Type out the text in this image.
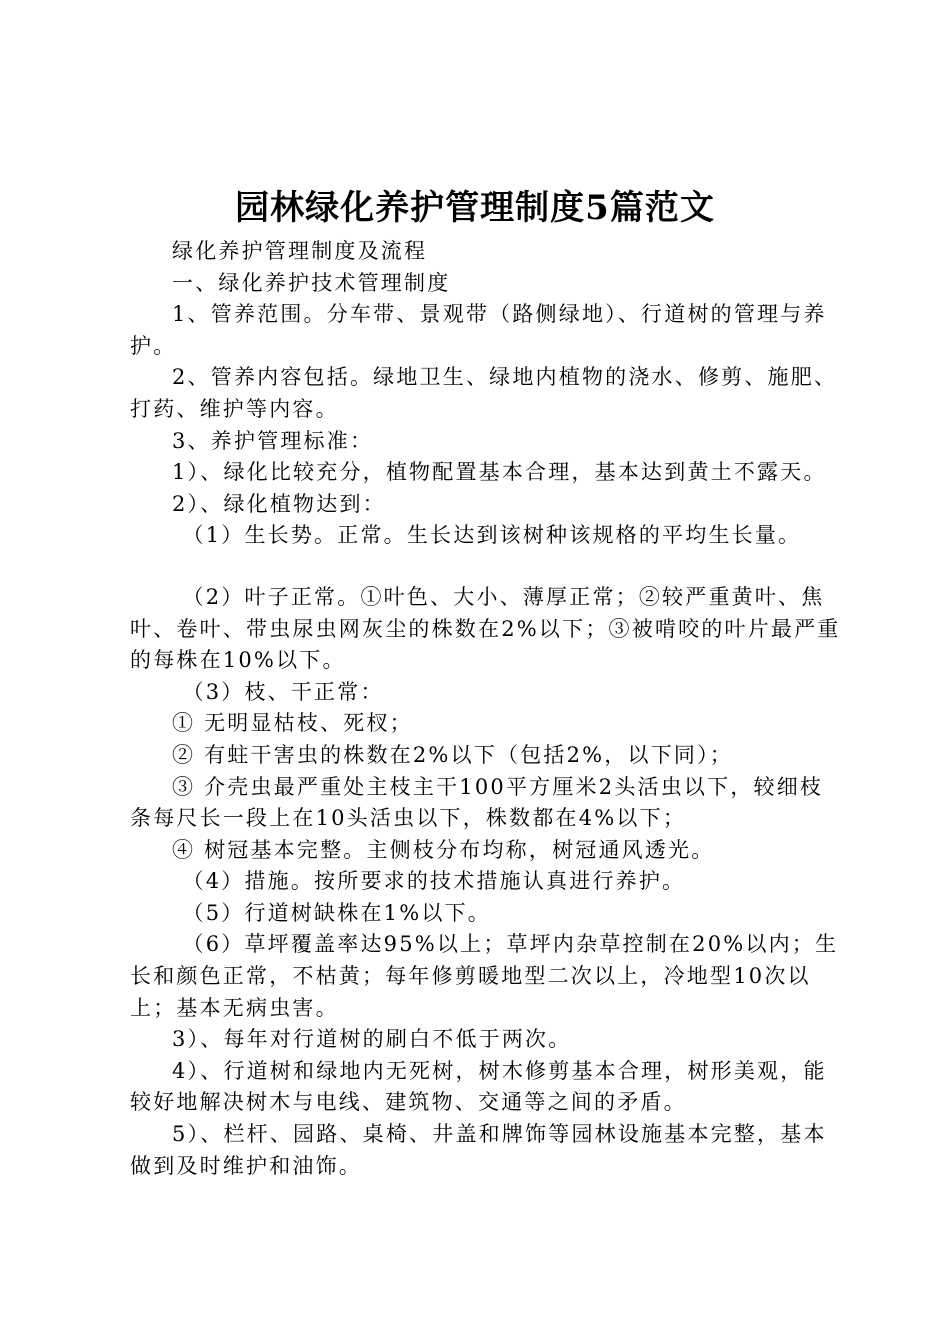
园林绿化养护管理制度5篇范文

绿化养护管理制度及流程

一、绿化养护技术管理制度

1、管养范围。分车带、景观带（路侧绿地）、行道树的管理与养护。

2、管养内容包括。绿地卫生、绿地内植物的浇水、修剪、施肥、打药、维护等内容。

3、养护管理标准：

1）、绿化比较充分，植物配置基本合理，基本达到黄土不露天。

2）、绿化植物达到：

（1）生长势。正常。生长达到该树种该规格的平均生长量。

（2）叶子正常。①叶色、大小、薄厚正常；②较严重黄叶、焦叶、卷叶、带虫尿虫网灰尘的株数在2%以下；③被啃咬的叶片最严重的每株在10%以下。

（3）枝、干正常：

① 无明显枯枝、死杈；

② 有蛀干害虫的株数在2%以下（包括2%，以下同）；

③ 介壳虫最严重处主枝主干100平方厘米2头活虫以下，较细枝条每尺长一段上在10头活虫以下，株数都在4%以下；

④ 树冠基本完整。主侧枝分布均称，树冠通风透光。

（4）措施。按所要求的技术措施认真进行养护。

（5）行道树缺株在1%以下。

（6）草坪覆盖率达95%以上；草坪内杂草控制在20%以内；生长和颜色正常，不枯黄；每年修剪暖地型二次以上，冷地型10次以上；基本无病虫害。

3）、每年对行道树的刷白不低于两次。

4）、行道树和绿地内无死树，树木修剪基本合理，树形美观，能较好地解决树木与电线、建筑物、交通等之间的矛盾。

5）、栏杆、园路、桌椅、井盖和牌饰等园林设施基本完整，基本做到及时维护和油饰。
